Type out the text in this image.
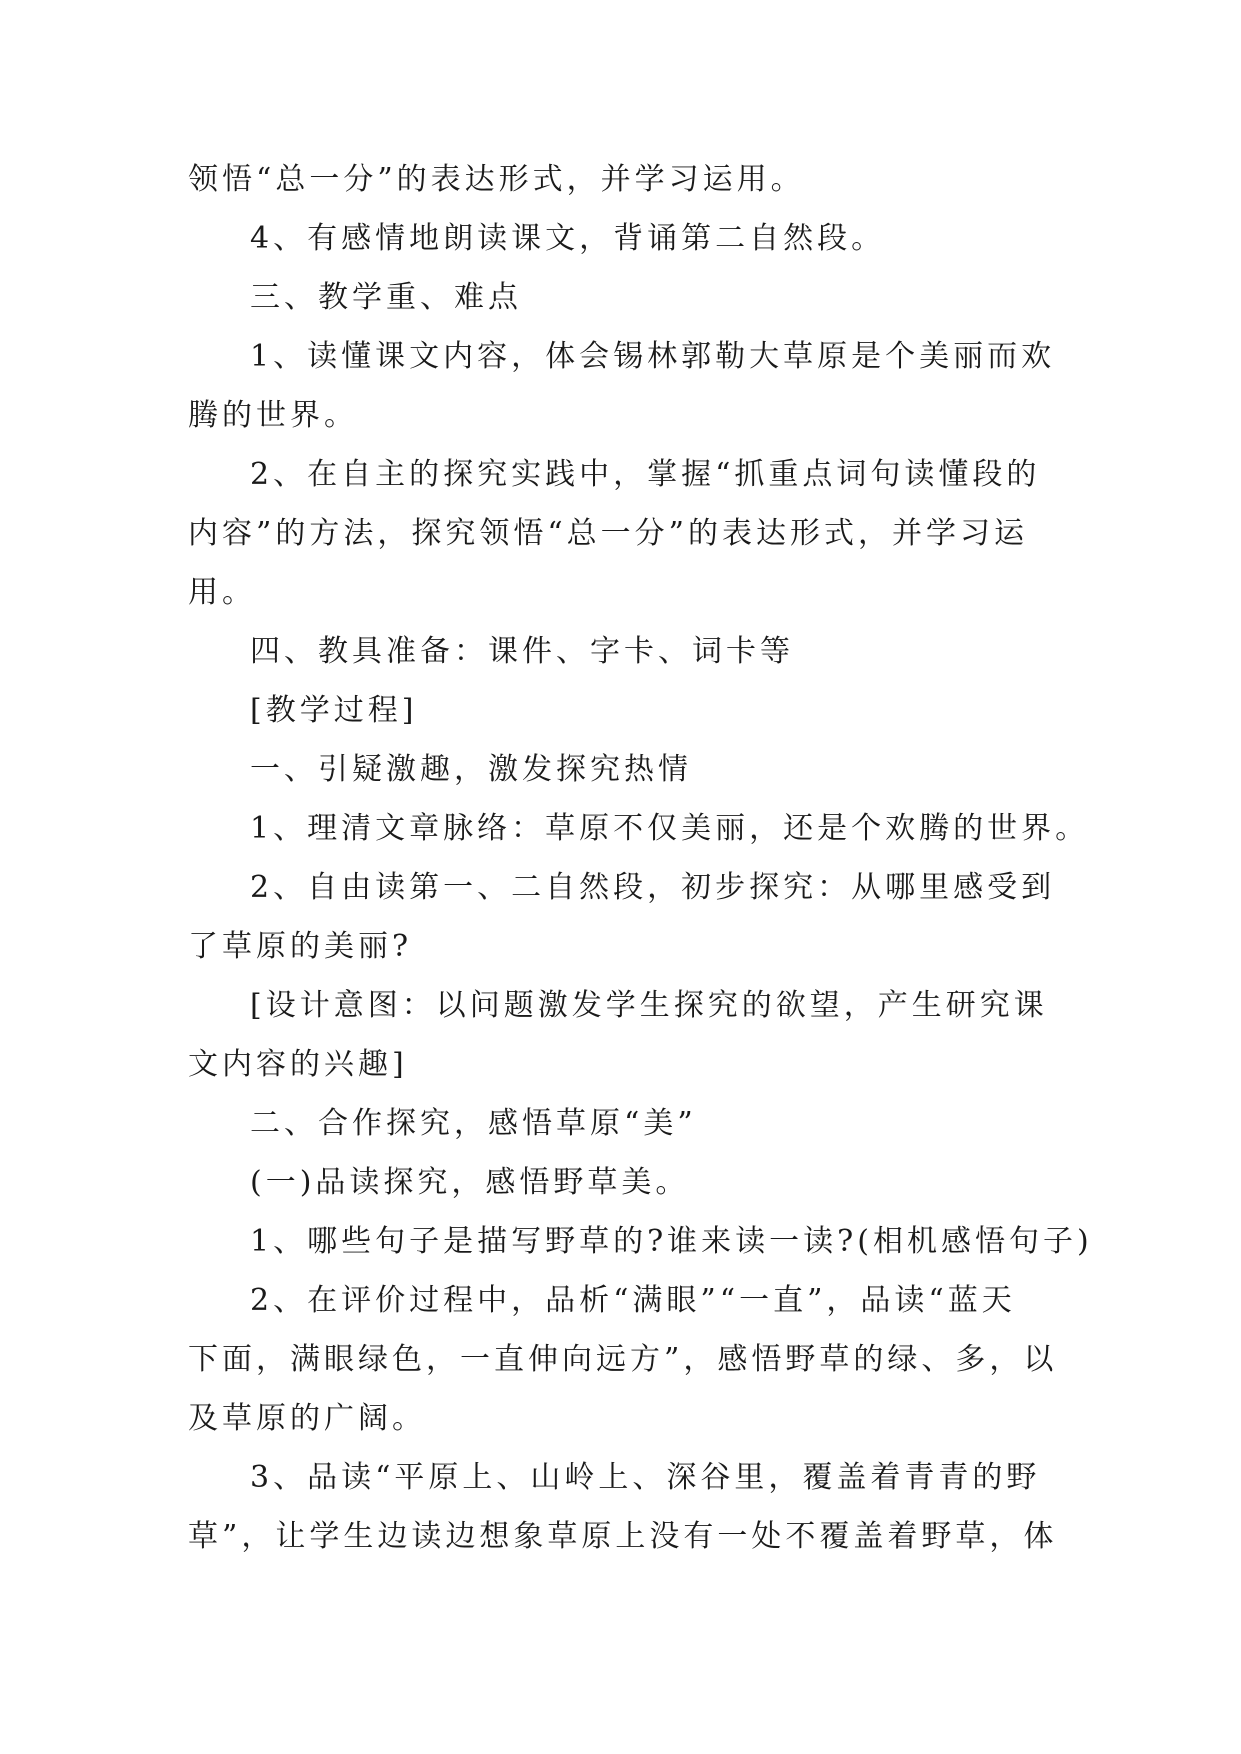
领悟“总一分”的表达形式，并学习运用。
4、有感情地朗读课文，背诵第二自然段。
三、教学重、难点
1、读懂课文内容，体会锡林郭勒大草原是个美丽而欢
腾的世界。
2、在自主的探究实践中，掌握“抓重点词句读懂段的
内容”的方法，探究领悟“总一分”的表达形式，并学习运
用。
四、教具准备：课件、字卡、词卡等
[教学过程]
一、引疑激趣，激发探究热情
1、理清文章脉络：草原不仅美丽，还是个欢腾的世界。
2、自由读第一、二自然段，初步探究：从哪里感受到
了草原的美丽?
[设计意图：以问题激发学生探究的欲望，产生研究课
文内容的兴趣]
二、合作探究，感悟草原“美”
(一)品读探究，感悟野草美。
1、哪些句子是描写野草的?谁来读一读?(相机感悟句子)
2、在评价过程中，品析“满眼”“一直”，品读“蓝天
下面，满眼绿色，一直伸向远方”，感悟野草的绿、多，以
及草原的广阔。
3、品读“平原上、山岭上、深谷里，覆盖着青青的野
草”，让学生边读边想象草原上没有一处不覆盖着野草，体
